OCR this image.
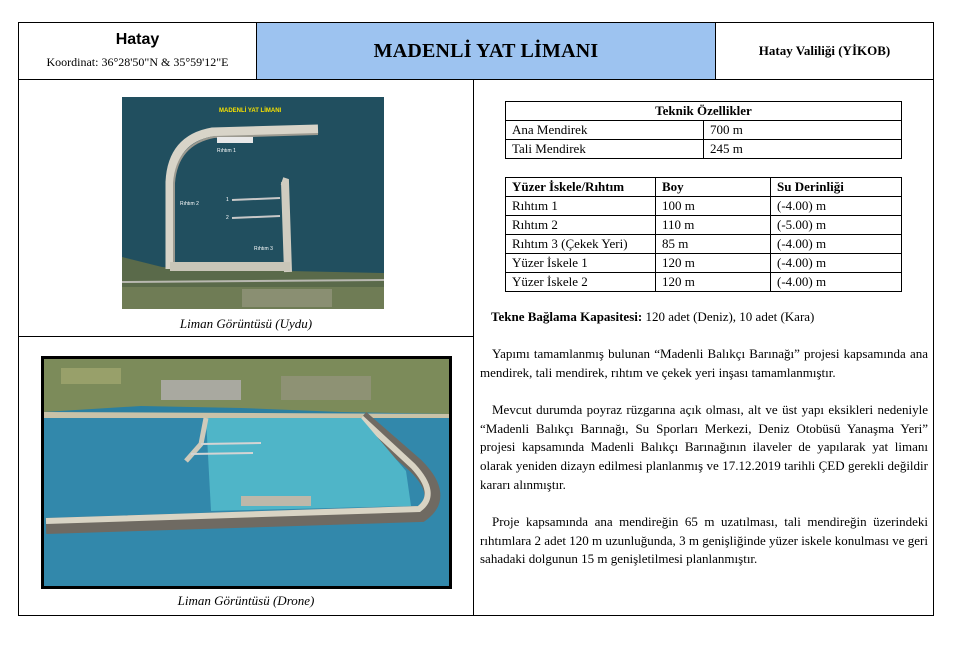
Hatay
Koordinat: 36°28'50"N & 35°59'12"E
MADENLİ YAT LİMANI	Hatay Valiliği (YİKOB)
MADENLİ YAT LİMANI
Rıhtım 1
Rıhtım 2
Rıhtım 3
1
2
Liman Görüntüsü (Uydu)
Liman Görüntüsü (Drone)
Teknik Özellikler	
Ana Mendirek	700 m
Tali Mendirek	245 m
Yüzer İskele/Rıhtım	Boy	Su Derinliği
Rıhtım 1	100 m	(-4.00) m
Rıhtım 2	110 m	(-5.00) m
Rıhtım 3 (Çekek Yeri)	85 m	(-4.00) m
Yüzer İskele 1	120 m	(-4.00) m
Yüzer İskele 2	120 m	(-4.00) m
Tekne Bağlama Kapasitesi: 120 adet (Deniz), 10 adet (Kara)
Yapımı tamamlanmış bulunan “Madenli Balıkçı Barınağı” projesi kapsamında ana mendirek, tali mendirek, rıhtım ve çekek yeri inşası tamamlanmıştır.
Mevcut durumda poyraz rüzgarına açık olması, alt ve üst yapı eksikleri nedeniyle “Madenli Balıkçı Barınağı, Su Sporları Merkezi, Deniz Otobüsü Yanaşma Yeri” projesi kapsamında Madenli Balıkçı Barınağının ilaveler de yapılarak yat limanı olarak yeniden dizayn edilmesi planlanmış ve 17.12.2019 tarihli ÇED gerekli değildir kararı alınmıştır.
Proje kapsamında ana mendireğin 65 m uzatılması, tali mendireğin üzerindeki rıhtımlara 2 adet 120 m uzunluğunda, 3 m genişliğinde yüzer iskele konulması ve geri sahadaki dolgunun 15 m genişletilmesi planlanmıştır.
